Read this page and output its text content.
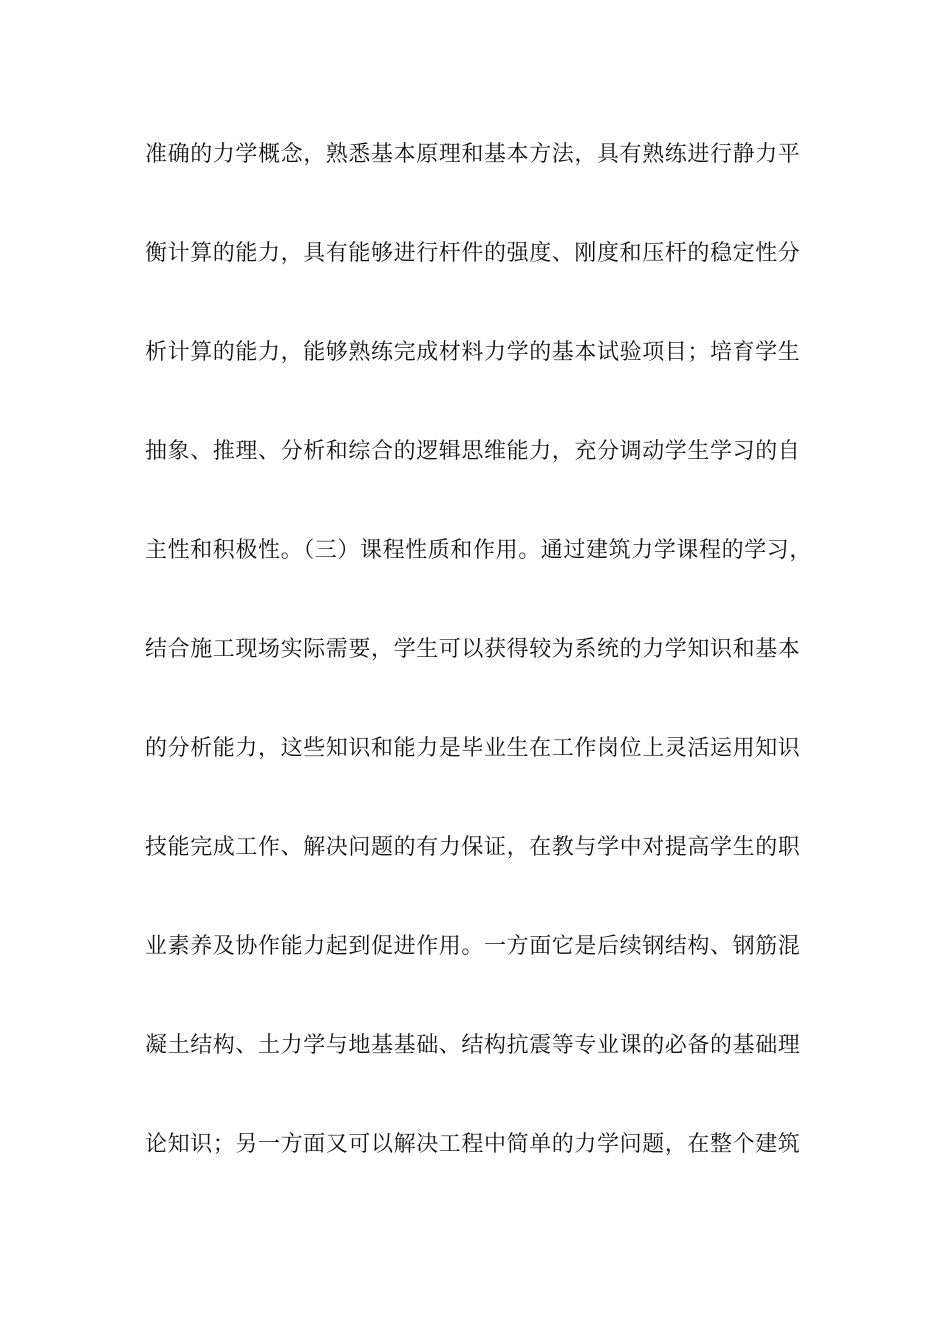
准确的力学概念，熟悉基本原理和基本方法，具有熟练进行静力平
衡计算的能力，具有能够进行杆件的强度、刚度和压杆的稳定性分
析计算的能力，能够熟练完成材料力学的基本试验项目；培育学生
抽象、推理、分析和综合的逻辑思维能力，充分调动学生学习的自
主性和积极性。（三）课程性质和作用。通过建筑力学课程的学习，
结合施工现场实际需要，学生可以获得较为系统的力学知识和基本
的分析能力，这些知识和能力是毕业生在工作岗位上灵活运用知识
技能完成工作、解决问题的有力保证，在教与学中对提高学生的职
业素养及协作能力起到促进作用。一方面它是后续钢结构、钢筋混
凝土结构、土力学与地基基础、结构抗震等专业课的必备的基础理
论知识；另一方面又可以解决工程中简单的力学问题，在整个建筑
